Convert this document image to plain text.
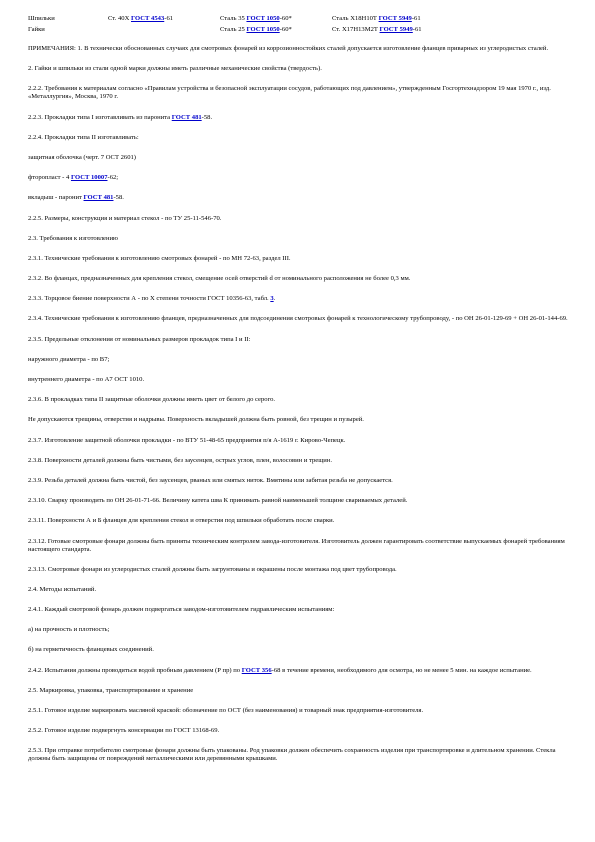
Шпильки	Ст. 40Х ГОСТ 4543-61	Сталь 35 ГОСТ 1050-60*	Сталь Х18Н10Т ГОСТ 5949-61
Гайки		Сталь 25 ГОСТ 1050-60*	Ст. Х17Н13М2Т ГОСТ 5949-61

ПРИМЕЧАНИЯ: 1. В технически обоснованных случаях для смотровых фонарей из коррозионностойких сталей допускается изготовление фланцев приварных из углеродистых сталей.

2. Гайки и шпильки из стали одной марки должны иметь различные механические свойства (твердость).

2.2.2. Требования к материалам согласно «Правилам устройства и безопасной эксплуатации сосудов, работающих под давлением», утвержденным Госгортехнадзором 19 мая 1970 г., изд. «Металлургия», Москва, 1970 г.

2.2.3. Прокладки типа I изготавливать из паронита ГОСТ 481-58.

2.2.4. Прокладки типа II изготавливать:

защитная оболочка (черт. 7 ОСТ 2601)

фторопласт - 4 ГОСТ 10007-62;

вкладыш - паронит ГОСТ 481-58.

2.2.5. Размеры, конструкция и материал стекол - по ТУ 25-11-546-70.

2.3. Требования к изготовлению

2.3.1. Технические требования к изготовлению смотровых фонарей - по МН 72-63, раздел III.

2.3.2. Во фланцах, предназначенных для крепления стекол, смещение осей отверстий d от номинального расположения не более 0,3 мм.

2.3.3. Торцовое биение поверхности А - по X степени точности ГОСТ 10356-63, табл. 3.

2.3.4. Технические требования к изготовлению фланцев, предназначенных для подсоединения смотровых фонарей к технологическому трубопроводу, - по ОН 26-01-129-69 + ОН 26-01-144-69.

2.3.5. Предельные отклонения от номинальных размеров прокладок типа I и II:

наружного диаметра - по В7;

внутреннего диаметра - по А7 ОСТ 1010.

2.3.6. В прокладках типа II защитные оболочки должны иметь цвет от белого до серого.

Не допускаются трещины, отверстия и надрывы. Поверхность вкладышей должна быть ровной, без трещин и пузырей.

2.3.7. Изготовление защитной оболочки прокладки - по ВТУ 51-48-65 предприятия п/я А-1619 г. Кирово-Чепецк.

2.3.8. Поверхности деталей должны быть чистыми, без заусенцев, острых углов, плен, волосовин и трещин.

2.3.9. Резьба деталей должна быть чистой, без заусенцев, рваных или смятых ниток. Вмятины или забитая резьба не допускается.

2.3.10. Сварку производить по ОН 26-01-71-66. Величину катета шва К принимать равной наименьшей толщине свариваемых деталей.

2.3.11. Поверхности А и Б фланцев для крепления стекол и отверстия под шпильки обработать после сварки.

2.3.12. Готовые смотровые фонари должны быть приняты техническим контролем завода-изготовителя. Изготовитель должен гарантировать соответствие выпускаемых фонарей требованиям настоящего стандарта.

2.3.13. Смотровые фонари из углеродистых сталей должны быть загрунтованы и окрашены после монтажа под цвет трубопровода.

2.4. Методы испытаний.

2.4.1. Каждый смотровой фонарь должен подвергаться заводом-изготовителем гидравлическим испытаниям:

а) на прочность и плотность;

б) на герметичность фланцевых соединений.

2.4.2. Испытания должны проводиться водой пробным давлением (Р пр) по ГОСТ 356-68 в течение времени, необходимого для осмотра, но не менее 5 мин. на каждое испытание.

2.5. Маркировка, упаковка, транспортирование и хранение

2.5.1. Готовое изделие маркировать масляной краской: обозначение по ОСТ (без наименования) и товарный знак предприятия-изготовителя.

2.5.2. Готовое изделие подвергнуть консервации по ГОСТ 13168-69.

2.5.3. При отправке потребителю смотровые фонари должны быть упакованы. Род упаковки должен обеспечить сохранность изделия при транспортировке и длительном хранении. Стекла должны быть защищены от повреждений металлическими или деревянными крышками.
